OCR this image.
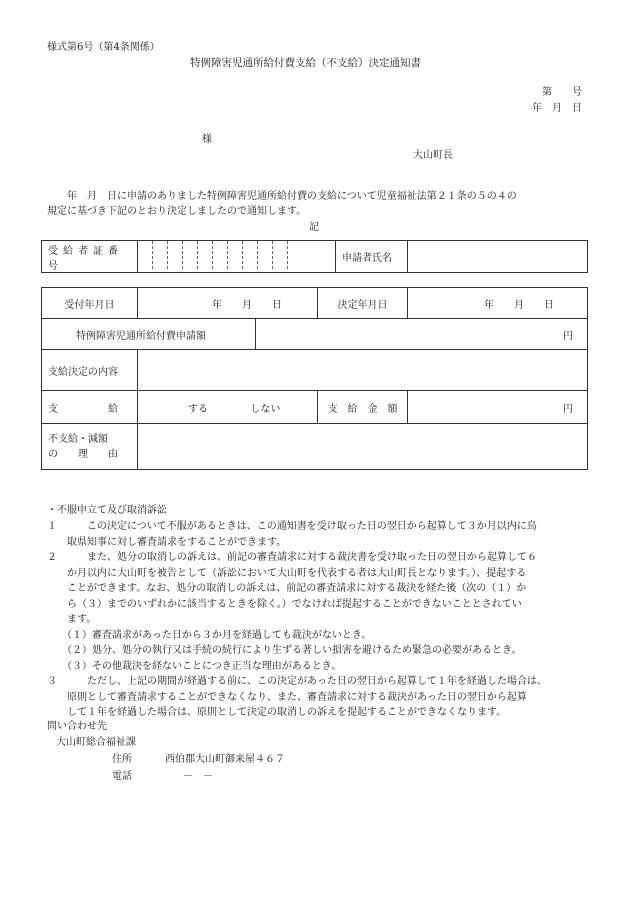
様式第6号（第4条関係）
特例障害児通所給付費支給（不支給）決定通知書
第　　号
年　月　日
様
大山町長
　　年　月　日に申請のありました特例障害児通所給付費の支給について児童福祉法第２１条の５の４の
規定に基づき下記のとおり決定しましたので通知します。
記
受給者証番号		申請者氏名	
受付年月日	年　　月　　日		決定年月日	年　　月　　日
特例障害児通所給付費申請額		円		
支給決定の内容				
支　　　　　給	する しない		支　給　金　額	円

不支給・減額
の　　理　　由				

・不服申立て及び取消訴訟
１　　　この決定について不服があるときは、この通知書を受け取った日の翌日から起算して３か月以内に鳥
　　取県知事に対し審査請求をすることができます。
２　　　また、処分の取消しの訴えは、前記の審査請求に対する裁決書を受け取った日の翌日から起算して６
　　か月以内に大山町を被告として（訴訟において大山町を代表する者は大山町長となります。）、提起する
　　ことができます。なお、処分の取消しの訴えは、前記の審査請求に対する裁決を経た後（次の（１）か
　　ら（３）までのいずれかに該当するときを除く。）でなければ提起することができないこととされてい
　　ます。
　　（１）審査請求があった日から３か月を経過しても裁決がないとき。
　　（２）処分、処分の執行又は手続の続行により生ずる著しい損害を避けるため緊急の必要があるとき。
　　（３）その他裁決を経ないことにつき正当な理由があるとき。
３　　　ただし、上記の期間が経過する前に、この決定があった日の翌日から起算して１年を経過した場合は、
　　原則として審査請求することができなくなり、また、審査請求に対する裁決があった日の翌日から起算
　　して１年を経過した場合は、原則として決定の取消しの訴えを提起することができなくなります。
問い合わせ先
大山町総合福祉課
住所	西伯郡大山町御来屋４６７
電話	－　－
